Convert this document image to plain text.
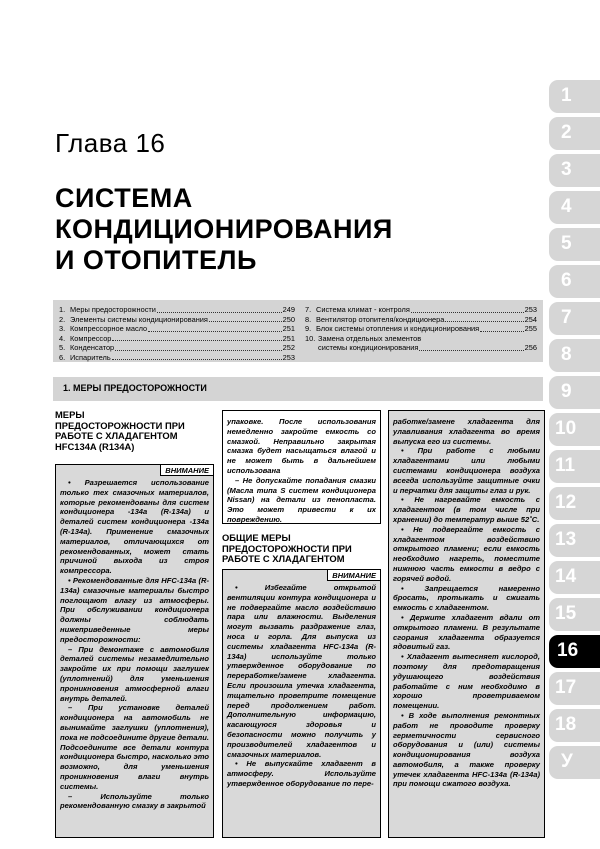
Глава 16
СИСТЕМА
КОНДИЦИОНИРОВАНИЯ
И ОТОПИТЕЛЬ
1. Меры предосторожности	249
2. Элементы системы кондиционирования	250
3. Компрессорное масло	251
4. Компрессор	251
5. Конденсатор	252
6. Испаритель	253
7. Система климат - контроля	253
8. Вентилятор отопителя/кондиционера	254
9. Блок системы отопления и кондиционирования	255
10. Замена отдельных элементов
системы кондиционирования	256
1. МЕРЫ ПРЕДОСТОРОЖНОСТИ
МЕРЫ
ПРЕДОСТОРОЖНОСТИ ПРИ
РАБОТЕ С ХЛАДАГЕНТОМ
HFC134A (R134A)
ВНИМАНИЕ

• Разрешается использование только тех смазочных материалов, которые рекомендованы для систем кондиционера -134a (R-134a) и деталей систем кондиционера -134a (R-134a). Применение смазочных материалов, отличающихся от рекомендованных, может стать причиной выхода из строя компрессора.

• Рекомендованные для HFC-134a (R-134a) смазочные материалы быстро поглощают влагу из атмосферы. При обслуживании кондиционера должны соблюдать нижеприведенные меры предосторожности:

– При демонтаже с автомобиля деталей системы незамедлительно закройте их при помощи заглушек (уплотнений) для уменьшения проникновения атмосферной влаги внутрь деталей.

– При установке деталей кондиционера на автомобиль не вынимайте заглушки (уплотнения), пока не подсоедините другие детали. Подсоедините все детали контура кондиционера быстро, насколько это возможно, для уменьшения проникновения влаги внутрь системы.

– Используйте только рекомендованную смазку в закрытой

упаковке. После использования немедленно закройте емкость со смазкой. Неправильно закрытая смазка будет насыщаться влагой и не может быть в дальнейшем использована

– Не допускайте попадания смазки (Масла типа S систем кондиционера Nissan) на детали из пенопласта. Это может привести к их повреждению.

ОБЩИЕ МЕРЫ
ПРЕДОСТОРОЖНОСТИ ПРИ
РАБОТЕ С ХЛАДАГЕНТОМ
ВНИМАНИЕ

• Избегайте открытой вентиляции контура кондиционера и не подвергайте масло воздействию пара или влажности. Выделения могут вызвать раздражение глаз, носа и горла. Для выпуска из системы хладагента HFC-134a (R-134a) используйте только утвержденное оборудование по переработке/замене хладагента. Если произошла утечка хладагента, тщательно проветрите помещение перед продолжением работ. Дополнительную информацию, касающуюся здоровья и безопасности можно получить у производителей хладагентов и смазочных материалов.

• Не выпускайте хладагент в атмосферу. Используйте утвержденное оборудование по пере-

работке/замене хладагента для улавливания хладагента во время выпуска его из системы.

• При работе с любыми хладагентами или любыми системами кондиционера воздуха всегда используйте защитные очки и перчатки для защиты глаз и рук.

• Не нагревайте емкость с хладагентом (в том числе при хранении) до температур выше 52˚С.

• Не подвергайте емкость с хладагентом воздействию открытого пламени; если емкость необходимо нагреть, поместите нижнюю часть емкости в ведро с горячей водой.

• Запрещается намеренно бросать, протыкать и сжигать емкость с хладагентом.

• Держите хладагент вдали от открытого пламени. В результате сгорания хладагента образуется ядовитый газ.

• Хладагент вытесняет кислород, поэтому для предотвращения удушающего воздействия работайте с ним необходимо в хорошо проветриваемом помещении.

• В ходе выполнения ремонтных работ не проводите проверку герметичности сервисного оборудования и (или) системы кондиционирования воздуха автомобиля, а также проверку утечек хладагента HFC-134a (R-134a) при помощи сжатого воздуха.

1
2
3
4
5
6
7
8
9
10
11
12
13
14
15
16
17
18
У
